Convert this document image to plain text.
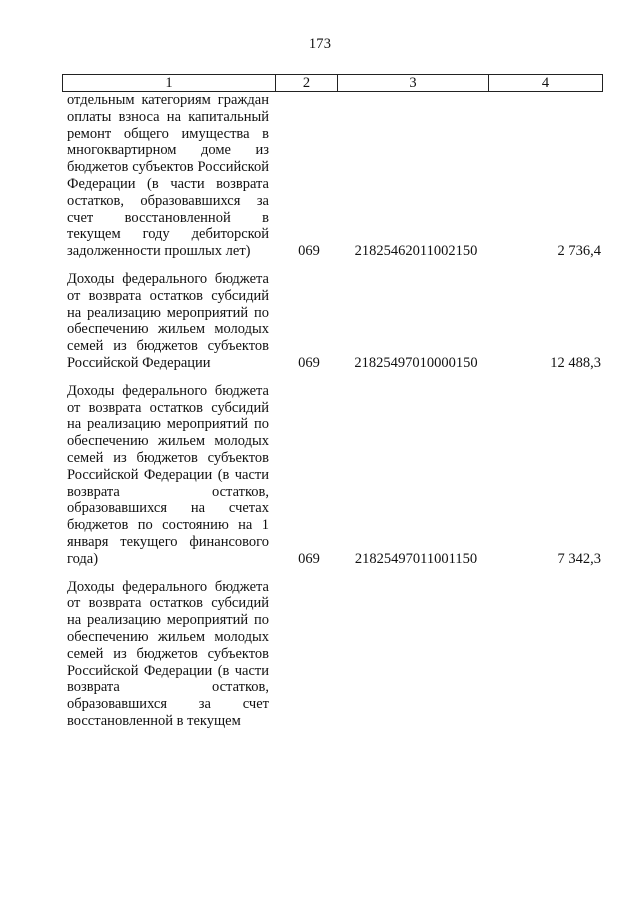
173
1	2	3	4
отдельным категориям граждан оплаты взноса на капитальный ремонт общего имущества в многоквартирном доме из бюджетов субъектов Российской Федерации (в части возврата остатков, образовавшихся за счет восстановленной в текущем году дебиторской задолженности прошлых лет)	069	21825462011002150	2 736,4
Доходы федерального бюджета от возврата остатков субсидий на реализацию мероприятий по обеспечению жильем молодых семей из бюджетов субъектов Российской Федерации	069	21825497010000150	12 488,3
Доходы федерального бюджета от возврата остатков субсидий на реализацию мероприятий по обеспечению жильем молодых семей из бюджетов субъектов Российской Федерации (в части возврата остатков, образовавшихся на счетах бюджетов по состоянию на 1 января текущего финансового года)	069	21825497011001150	7 342,3
Доходы федерального бюджета от возврата остатков субсидий на реализацию мероприятий по обеспечению жильем молодых семей из бюджетов субъектов Российской Федерации (в части возврата остатков, образовавшихся за счет восстановленной в текущем
